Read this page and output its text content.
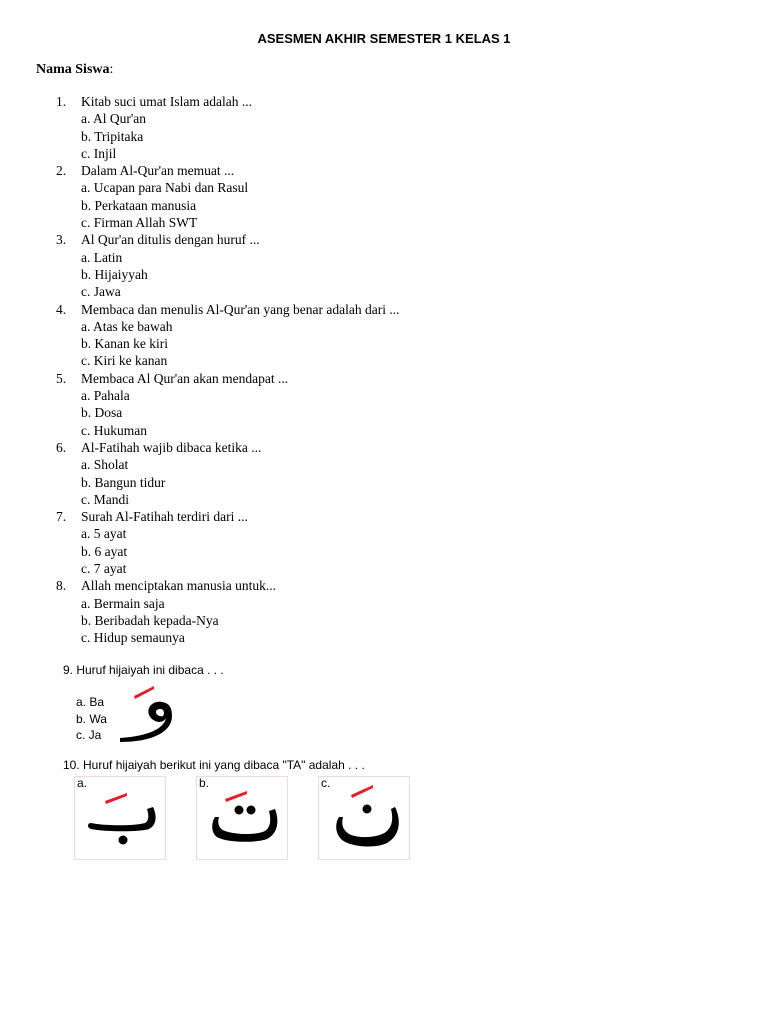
ASESMEN AKHIR SEMESTER 1 KELAS 1
Nama Siswa:
1. Kitab suci umat Islam adalah ...
a. Al Qur'an
b. Tripitaka
c. Injil
2. Dalam Al-Qur'an memuat ...
a. Ucapan para Nabi dan Rasul
b. Perkataan manusia
c. Firman Allah SWT
3. Al Qur'an ditulis dengan huruf ...
a. Latin
b. Hijaiyyah
c. Jawa
4. Membaca dan menulis Al-Qur'an yang benar adalah dari ...
a. Atas ke bawah
b. Kanan ke kiri
c. Kiri ke kanan
5. Membaca Al Qur'an akan mendapat ...
a. Pahala
b. Dosa
c. Hukuman
6. Al-Fatihah wajib dibaca ketika ...
a. Sholat
b. Bangun tidur
c. Mandi
7. Surah Al-Fatihah terdiri dari ...
a. 5 ayat
b. 6 ayat
c. 7 ayat
8. Allah menciptakan manusia untuk...
a. Bermain saja
b. Beribadah kepada-Nya
c. Hidup semaunya
9. Huruf hijaiyah ini dibaca . . .
a. Ba
b. Wa
c. Ja
10. Huruf hijaiyah berikut ini yang dibaca "TA" adalah . . .
a.	b.	c.
